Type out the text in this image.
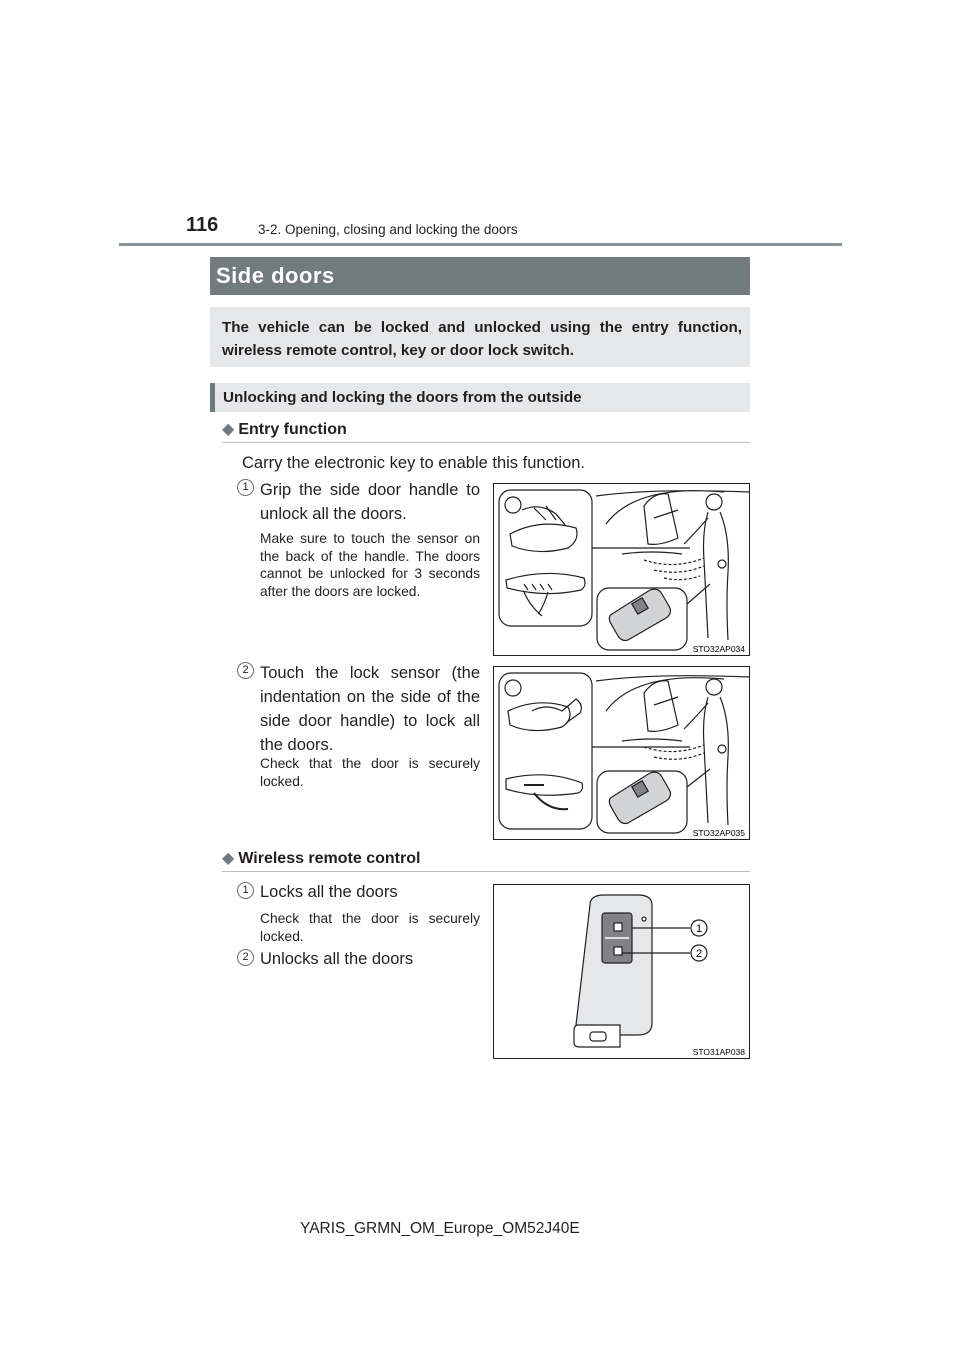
116	3-2. Opening, closing and locking the doors
Side doors
The vehicle can be locked and unlocked using the entry function, wireless remote control, key or door lock switch.
Unlocking and locking the doors from the outside
◆ Entry function
Carry the electronic key to enable this function.
1 Grip the side door handle to unlock all the doors.
Make sure to touch the sensor on the back of the handle. The doors cannot be unlocked for 3 seconds after the doors are locked.
STO32AP034
2 Touch the lock sensor (the indentation on the side of the side door handle) to lock all the doors.
Check that the door is securely locked.
STO32AP035
◆ Wireless remote control
1 Locks all the doors
Check that the door is securely locked.
2 Unlocks all the doors
1
2
STO31AP038
YARIS_GRMN_OM_Europe_OM52J40E
